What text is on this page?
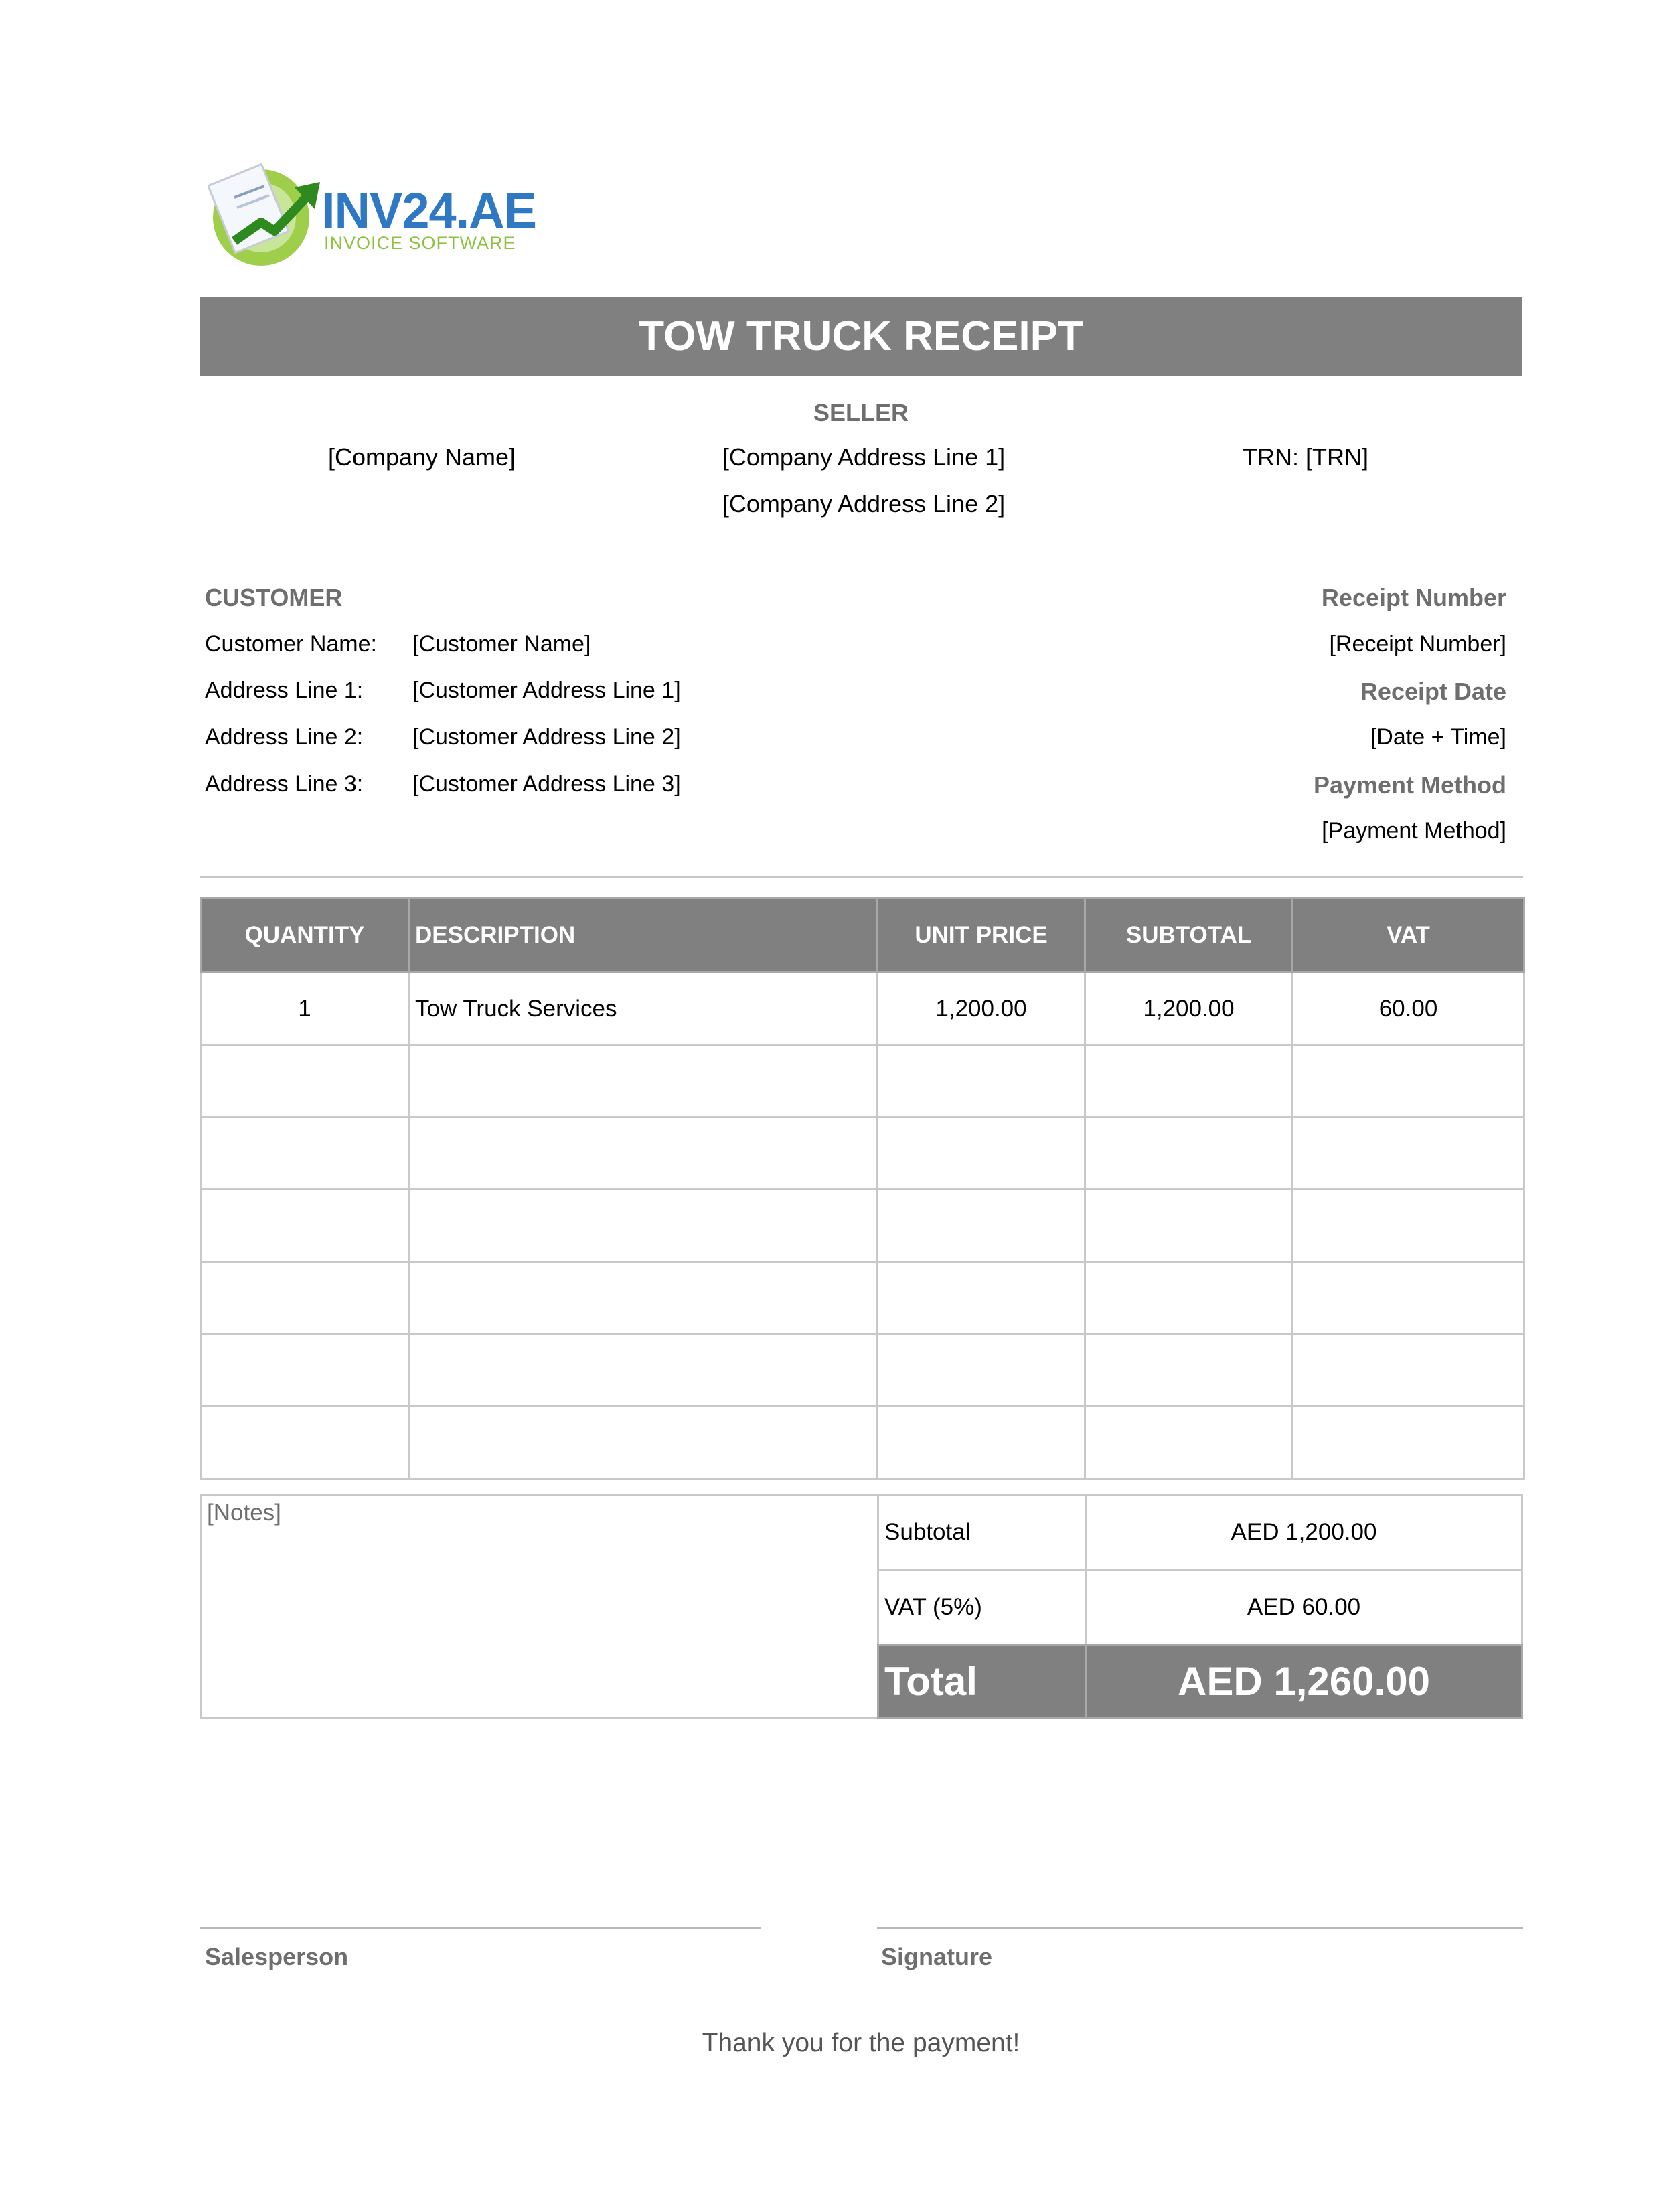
INV24.AE
INVOICE SOFTWARE
TOW TRUCK RECEIPT
SELLER
[Company Name]	[Company Address Line 1]
[Company Address Line 2]
TRN: [TRN]
CUSTOMER
Customer Name: [Customer Name]
Address Line 1: [Customer Address Line 1]
Address Line 2: [Customer Address Line 2]
Address Line 3: [Customer Address Line 3]
Receipt Number
[Receipt Number]
Receipt Date
[Date + Time]
Payment Method
[Payment Method]
QUANTITY	DESCRIPTION	UNIT PRICE	SUBTOTAL	VAT
1	Tow Truck Services	1,200.00	1,200.00	60.00

[Notes]
Subtotal	AED 1,200.00
VAT (5%)	AED 60.00
Total	AED 1,260.00
Salesperson	Signature
Thank you for the payment!
